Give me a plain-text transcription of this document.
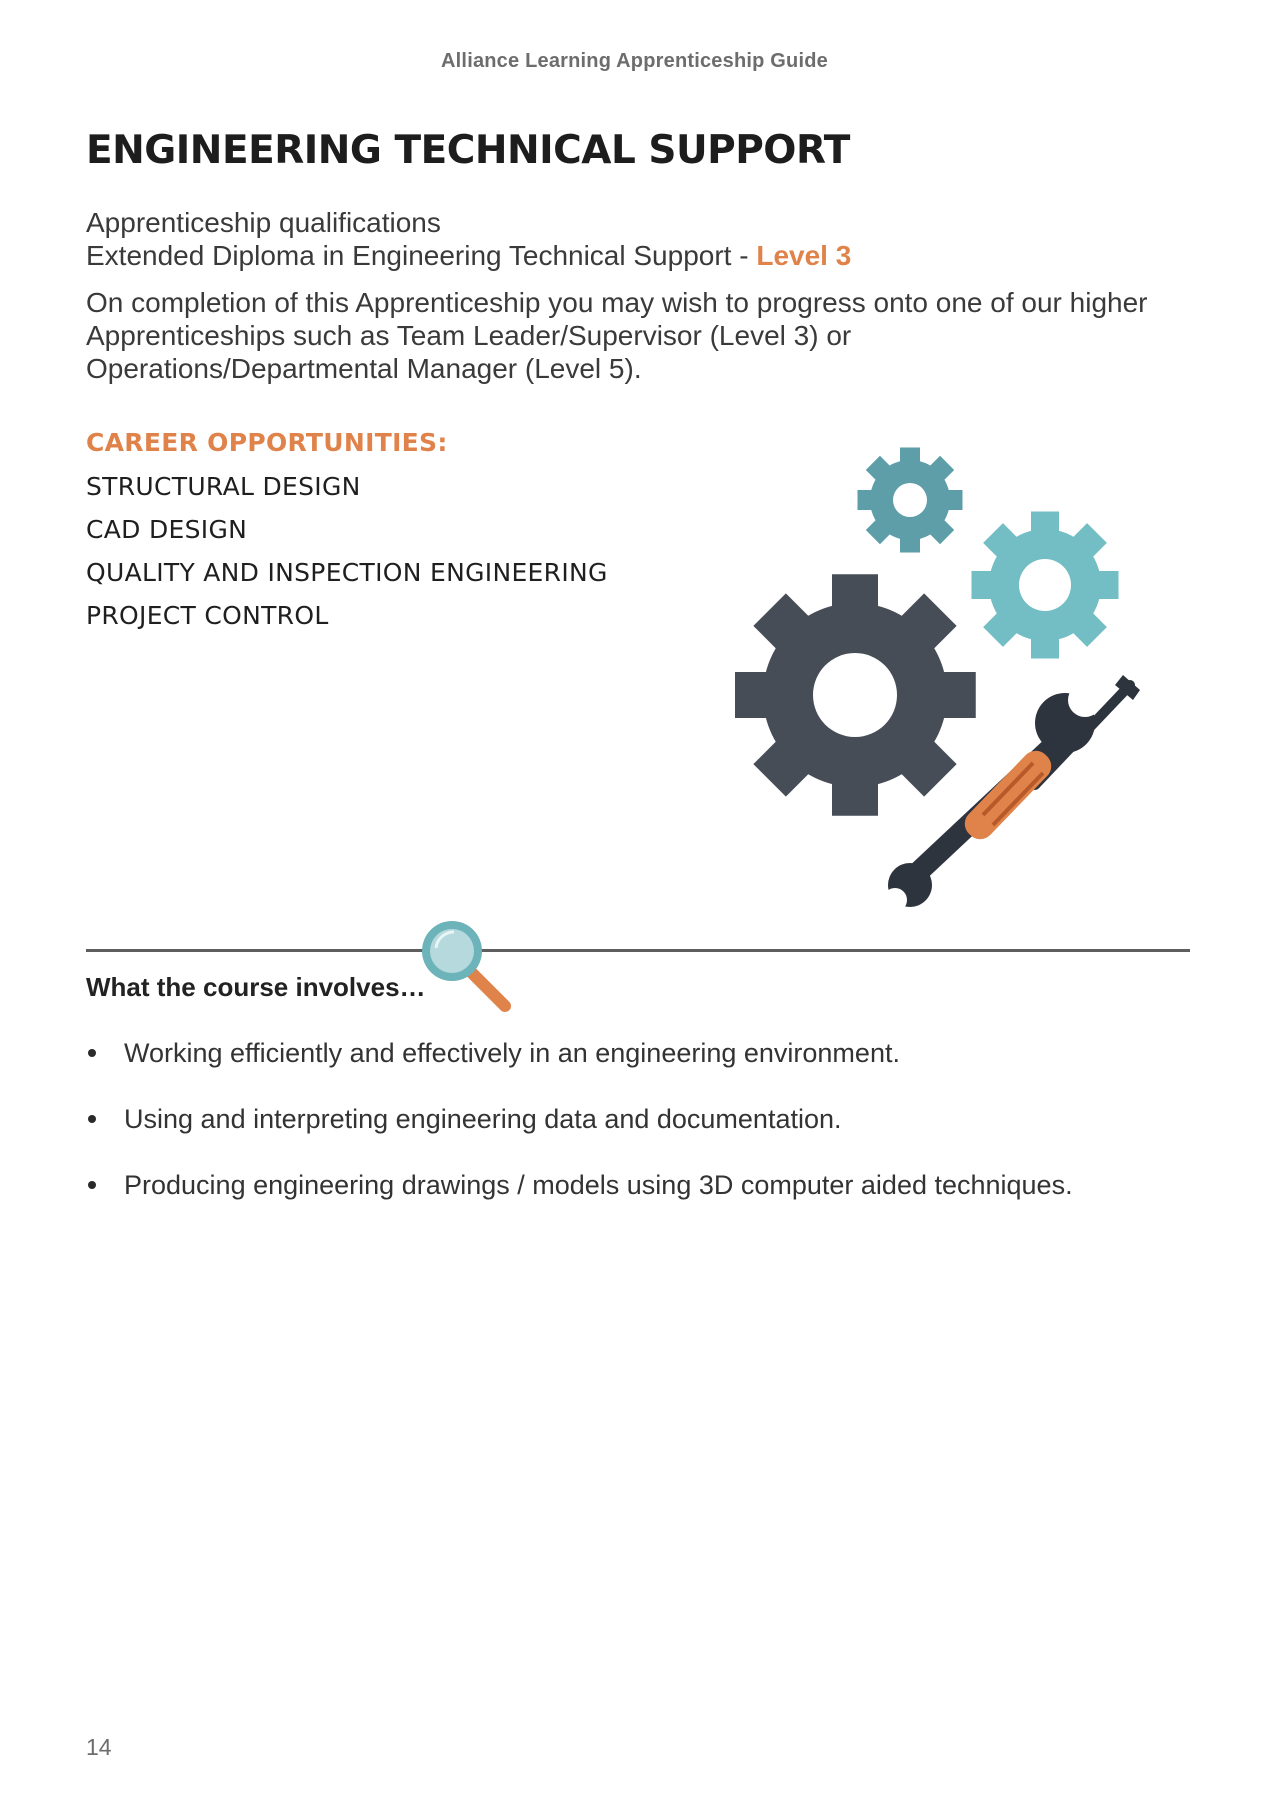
Alliance Learning Apprenticeship Guide
ENGINEERING TECHNICAL SUPPORT
Apprenticeship qualifications
Extended Diploma in Engineering Technical Support - Level 3
On completion of this Apprenticeship you may wish to progress onto one of our higher Apprenticeships such as Team Leader/Supervisor (Level 3) or Operations/Departmental Manager (Level 5).
CAREER OPPORTUNITIES:
STRUCTURAL DESIGN
CAD DESIGN
QUALITY AND INSPECTION ENGINEERING
PROJECT CONTROL
What the course involves…
Working efficiently and effectively in an engineering environment.
Using and interpreting engineering data and documentation.
Producing engineering drawings / models using 3D computer aided techniques.
14
